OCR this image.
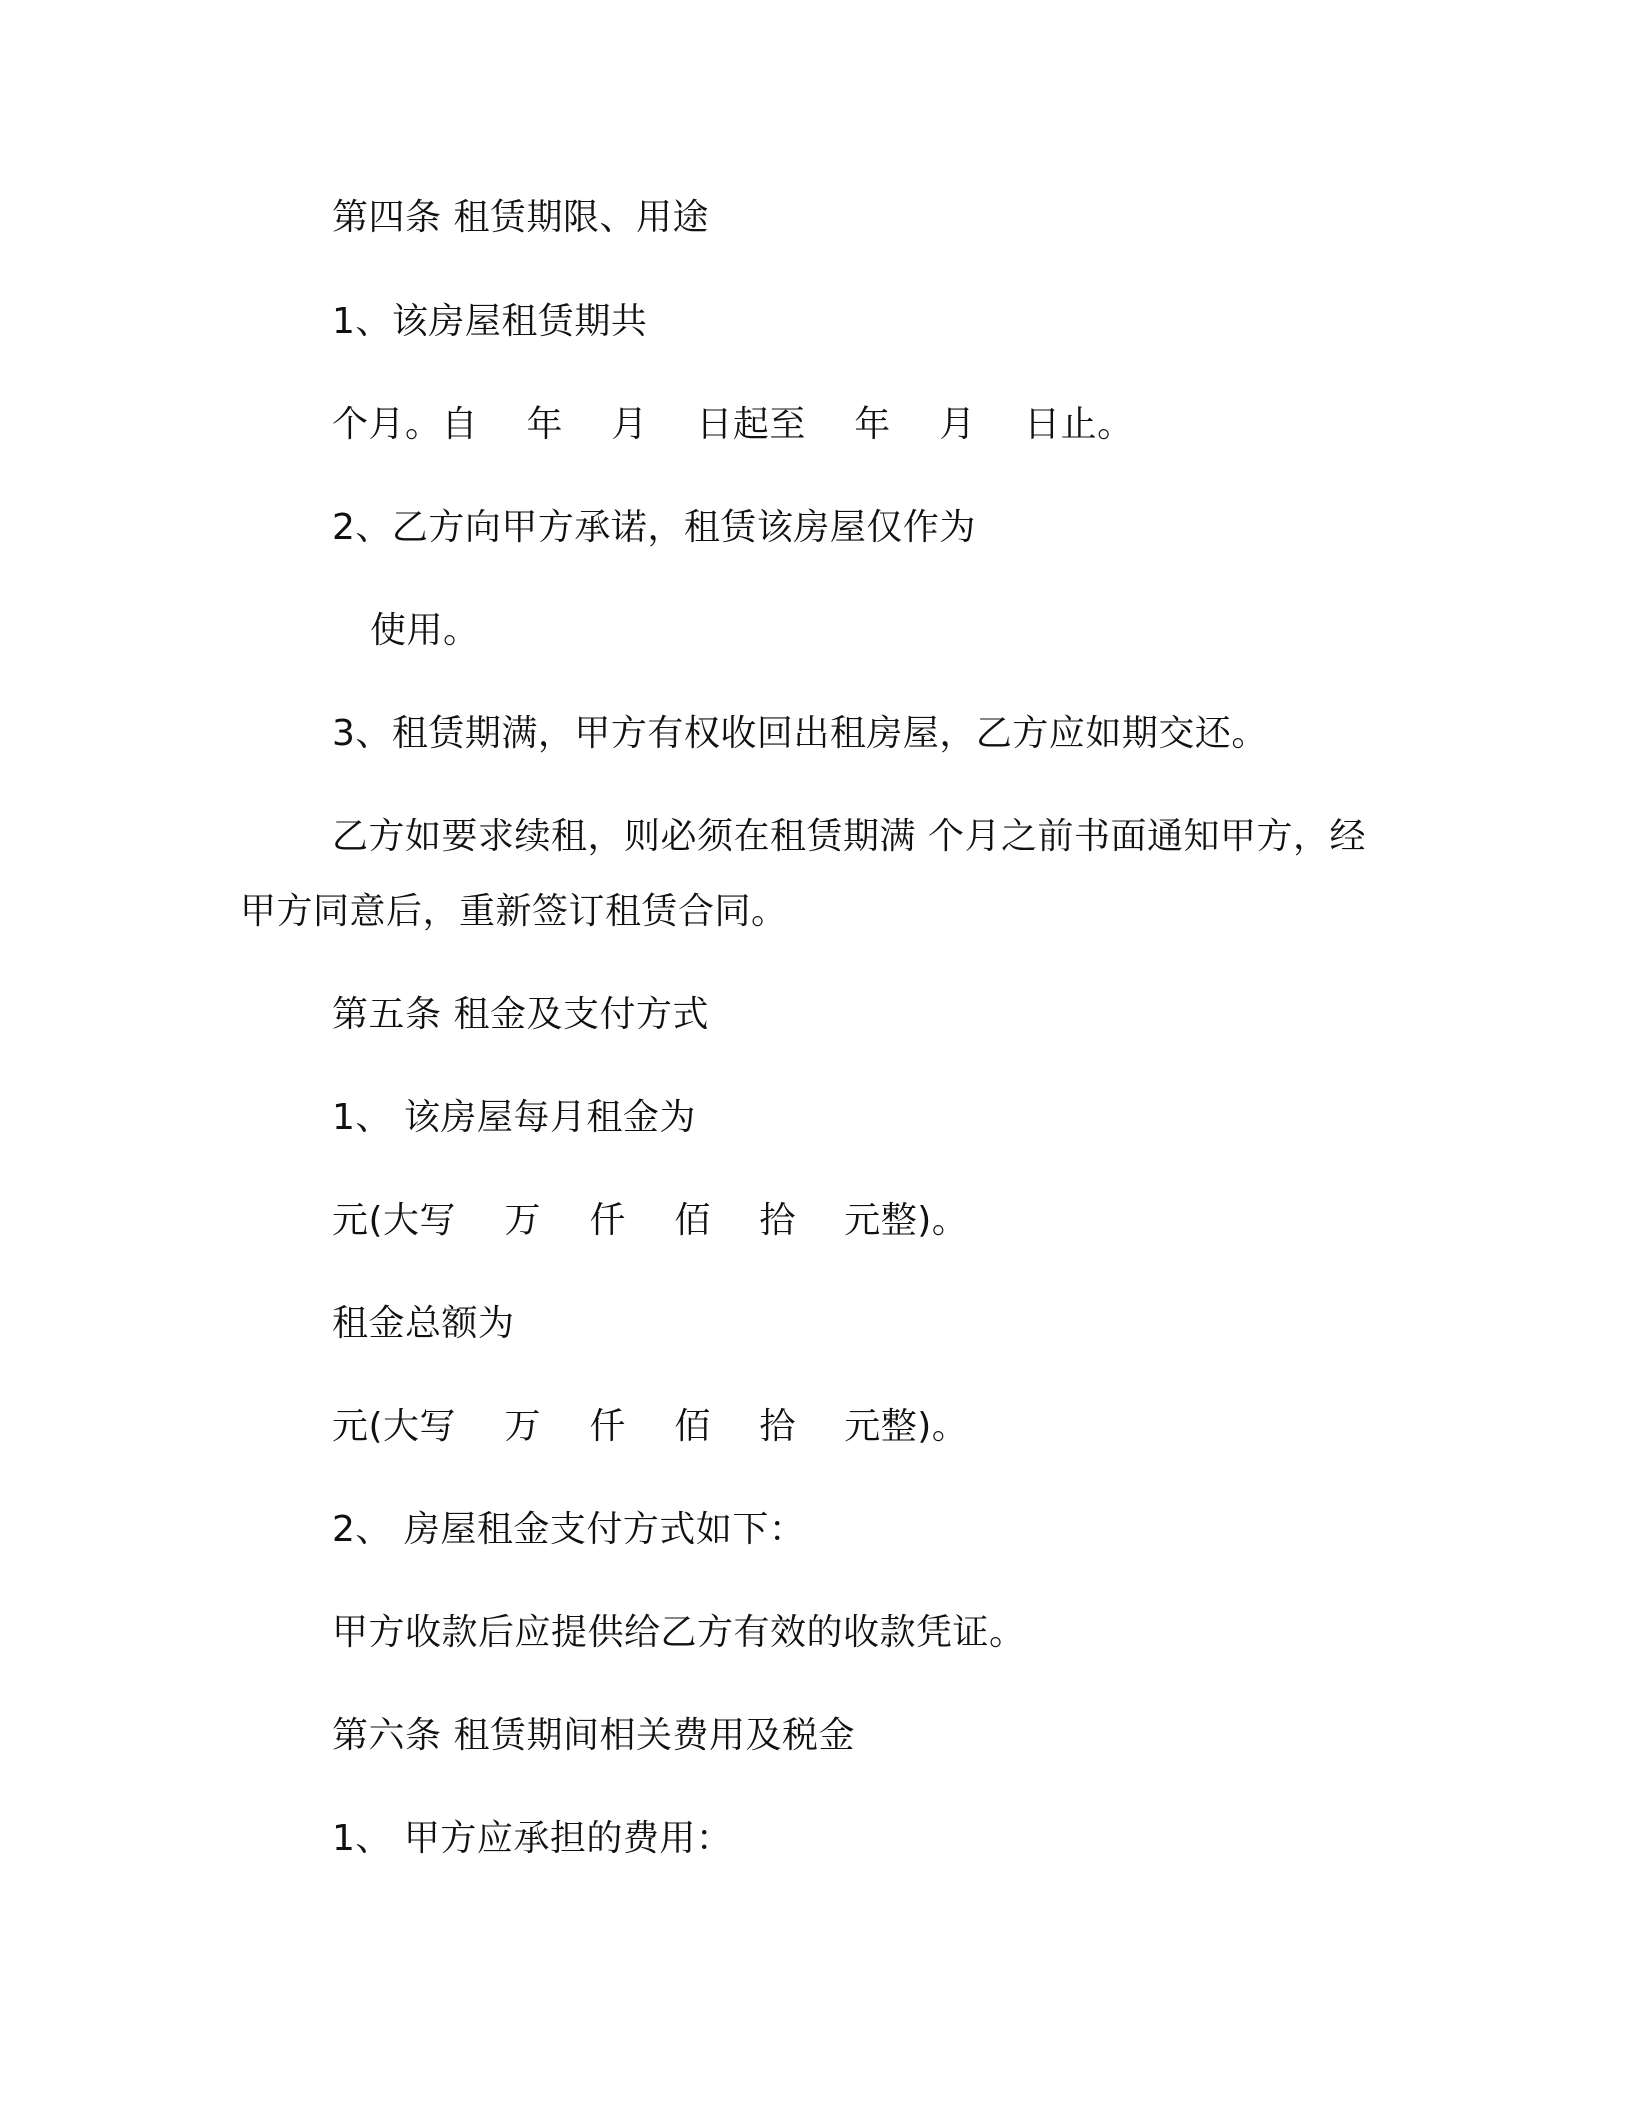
第四条 租赁期限、用途
1、该房屋租赁期共
个月。自　 年　 月　 日起至　 年　 月　 日止。
2、乙方向甲方承诺，租赁该房屋仅作为
使用。
3、租赁期满，甲方有权收回出租房屋，乙方应如期交还。
乙方如要求续租，则必须在租赁期满 个月之前书面通知甲方，经
甲方同意后，重新签订租赁合同。
第五条 租金及支付方式
1、 该房屋每月租金为
元(大写　 万　 仟　 佰　 拾　 元整)。
租金总额为
元(大写　 万　 仟　 佰　 拾　 元整)。
2、 房屋租金支付方式如下：
甲方收款后应提供给乙方有效的收款凭证。
第六条 租赁期间相关费用及税金
1、 甲方应承担的费用：
